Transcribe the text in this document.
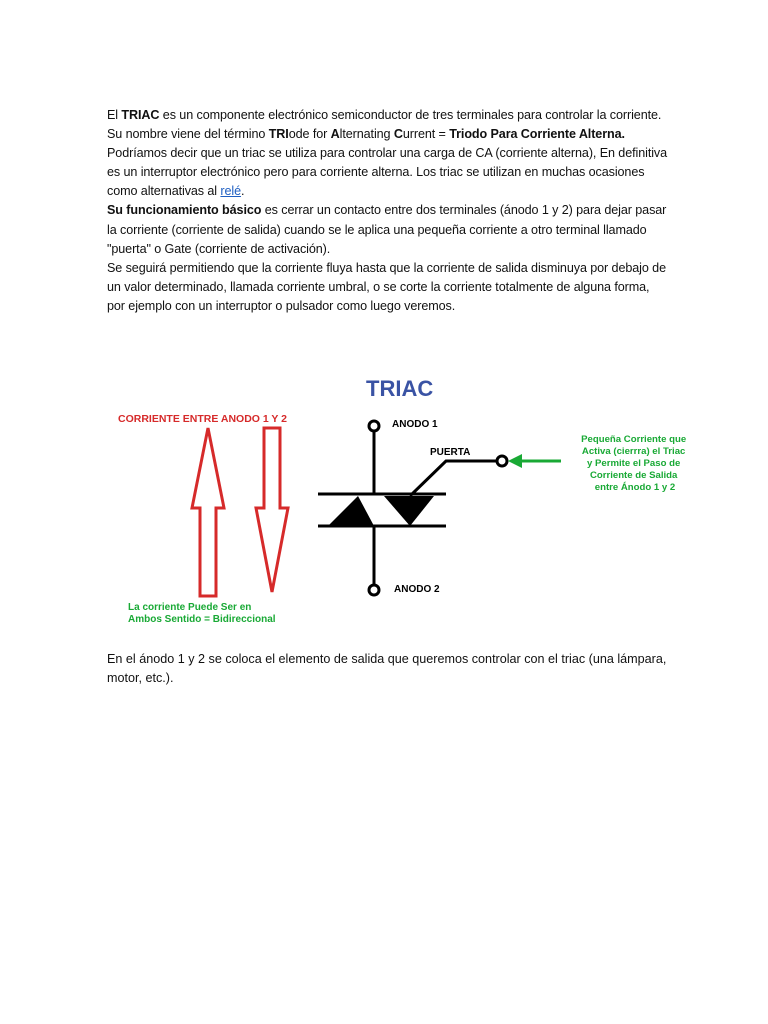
El TRIAC es un componente electrónico semiconductor de tres terminales para controlar la corriente. Su nombre viene del término TRIode for Alternating Current = Triodo Para Corriente Alterna.

Podríamos decir que un triac se utiliza para controlar una carga de CA (corriente alterna), En definitiva es un interruptor electrónico pero para corriente alterna. Los triac se utilizan en muchas ocasiones como alternativas al relé.

Su funcionamiento básico es cerrar un contacto entre dos terminales (ánodo 1 y 2) para dejar pasar la corriente (corriente de salida) cuando se le aplica una pequeña corriente a otro terminal llamado "puerta" o Gate (corriente de activación).

Se seguirá permitiendo que la corriente fluya hasta que la corriente de salida disminuya por debajo de un valor determinado, llamada corriente umbral, o se corte la corriente totalmente de alguna forma, por ejemplo con un interruptor o pulsador como luego veremos.

TRIAC
CORRIENTE ENTRE ANODO 1 Y 2
La corriente Puede Ser en Ambos Sentido = Bidireccional
ANODO 1
PUERTA
ANODO 2
Pequeña Corriente que Activa (cierrra) el Triac y Permite el Paso de Corriente de Salida entre Ánodo 1 y 2

En el ánodo 1 y 2 se coloca el elemento de salida que queremos controlar con el triac (una lámpara, motor, etc.).
